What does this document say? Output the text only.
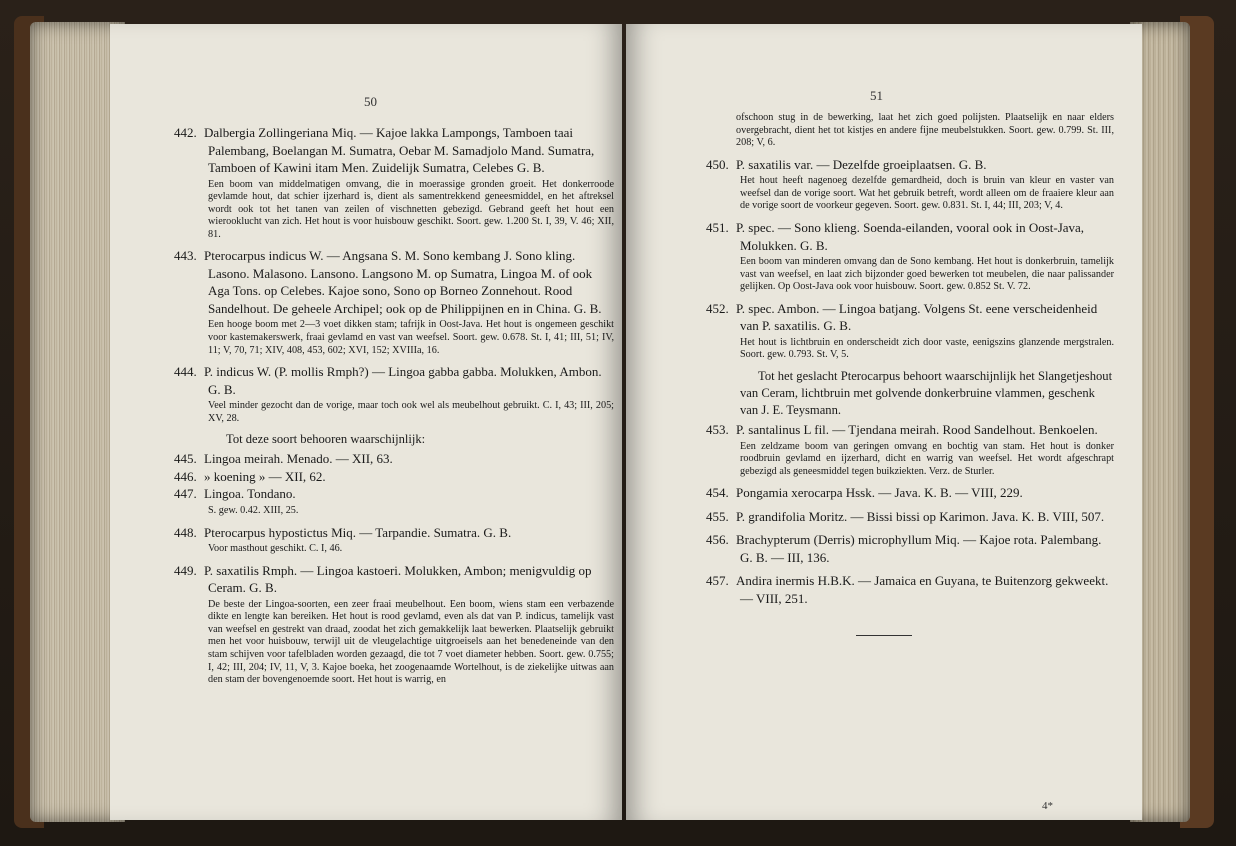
50
442. Dalbergia Zollingeriana Miq. — Kajoe lakka Lampongs, Tamboen taai Palembang, Boelangan M. Sumatra, Oebar M. Samadjolo Mand. Sumatra, Tamboen of Kawini itam Men. Zuidelijk Sumatra, Celebes G. B.
Een boom van middelmatigen omvang, die in moerassige gronden groeit. Het donkerroode gevlamde hout, dat schier ijzerhard is, dient als samentrekkend geneesmiddel, en het aftreksel wordt ook tot het tanen van zeilen of vischnetten gebezigd. Gebrand geeft het hout een wierooklucht van zich. Het hout is voor huisbouw geschikt. Soort. gew. 1.200 St. I, 39, V. 46; XII, 81.
443. Pterocarpus indicus W. — Angsana S. M. Sono kembang J. Sono kling. Lasono. Malasono. Lansono. Langsono M. op Sumatra, Lingoa M. of ook Aga Tons. op Celebes. Kajoe sono, Sono op Borneo Zonnehout. Rood Sandelhout. De geheele Archipel; ook op de Philippijnen en in China. G. B.
Een hooge boom met 2—3 voet dikken stam; tafrijk in Oost-Java. Het hout is ongemeen geschikt voor kastemakerswerk, fraai gevlamd en vast van weefsel. Soort. gew. 0.678. St. I, 41; III, 51; IV, 11; V, 70, 71; XIV, 408, 453, 602; XVI, 152; XVIIIa, 16.
444. P. indicus W. (P. mollis Rmph?) — Lingoa gabba gabba. Molukken, Ambon. G. B.
Veel minder gezocht dan de vorige, maar toch ook wel als meubelhout gebruikt. C. I, 43; III, 205; XV, 28.
Tot deze soort behooren waarschijnlijk:
445. Lingoa meirah. Menado. — XII, 63.
446. » koening » — XII, 62.
447. Lingoa. Tondano.
S. gew. 0.42. XIII, 25.
448. Pterocarpus hypostictus Miq. — Tarpandie. Sumatra. G. B.
Voor masthout geschikt. C. I, 46.
449. P. saxatilis Rmph. — Lingoa kastoeri. Molukken, Ambon; menigvuldig op Ceram. G. B.
De beste der Lingoa-soorten, een zeer fraai meubelhout. Een boom, wiens stam een verbazende dikte en lengte kan bereiken. Het hout is rood gevlamd, even als dat van P. indicus, tamelijk vast van weefsel en gestrekt van draad, zoodat het zich gemakkelijk laat bewerken. Plaatselijk gebruikt men het voor huisbouw, terwijl uit de vleugelachtige uitgroeisels aan het benedeneinde van den stam schijven voor tafelbladen worden gezaagd, die tot 7 voet diameter hebben. Soort. gew. 0.755; I, 42; III, 204; IV, 11, V, 3. Kajoe boeka, het zoogenaamde Wortelhout, is de ziekelijke uitwas aan den stam der bovengenoemde soort. Het hout is warrig, en
51
ofschoon stug in de bewerking, laat het zich goed polijsten. Plaatselijk en naar elders overgebracht, dient het tot kistjes en andere fijne meubelstukken. Soort. gew. 0.799. St. III, 208; V, 6.
450. P. saxatilis var. — Dezelfde groeiplaatsen. G. B.
Het hout heeft nagenoeg dezelfde gemardheid, doch is bruin van kleur en vaster van weefsel dan de vorige soort. Wat het gebruik betreft, wordt alleen om de fraaiere kleur aan de vorige soort de voorkeur gegeven. Soort. gew. 0.831. St. I, 44; III, 203; V, 4.
451. P. spec. — Sono klieng. Soenda-eilanden, vooral ook in Oost-Java, Molukken. G. B.
Een boom van minderen omvang dan de Sono kembang. Het hout is donkerbruin, tamelijk vast van weefsel, en laat zich bijzonder goed bewerken tot meubelen, die naar palissander gelijken. Op Oost-Java ook voor huisbouw. Soort. gew. 0.852 St. V. 72.
452. P. spec. Ambon. — Lingoa batjang. Volgens St. eene verscheidenheid van P. saxatilis. G. B.
Het hout is lichtbruin en onderscheidt zich door vaste, eenigszins glanzende mergstralen. Soort. gew. 0.793. St. V, 5.
Tot het geslacht Pterocarpus behoort waarschijnlijk het Slangetjeshout van Ceram, lichtbruin met golvende donkerbruine vlammen, geschenk van J. E. Teysmann.
453. P. santalinus L fil. — Tjendana meirah. Rood Sandelhout. Benkoelen.
Een zeldzame boom van geringen omvang en bochtig van stam. Het hout is donker roodbruin gevlamd en ijzerhard, dicht en warrig van weefsel. Het wordt afgeschrapt gebezigd als geneesmiddel tegen buikziekten. Verz. de Sturler.
454. Pongamia xerocarpa Hssk. — Java. K. B. — VIII, 229.
455. P. grandifolia Moritz. — Bissi bissi op Karimon. Java. K. B. VIII, 507.
456. Brachypterum (Derris) microphyllum Miq. — Kajoe rota. Palembang. G. B. — III, 136.
457. Andira inermis H.B.K. — Jamaica en Guyana, te Buitenzorg gekweekt. — VIII, 251.
4*
